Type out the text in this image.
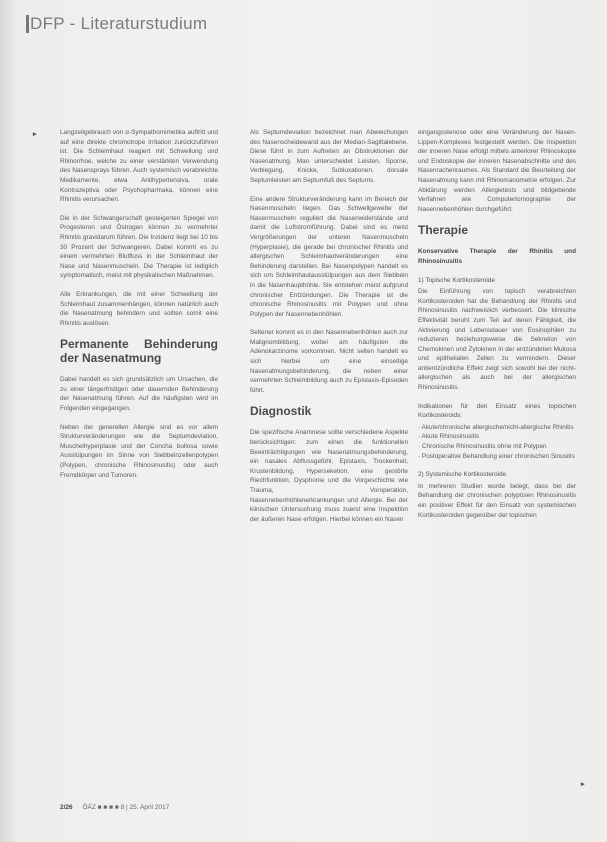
DFP - Literaturstudium
▸	Langzeitgebrauch von α-Sympathomimetika auftritt und auf eine direkte chromotrope Irritation zurückzuführen ist. Die Schleimhaut reagiert mit Schwellung und Rhinorrhoe, welche zu einer verstärkten Verwendung des Nasensprays führen. Auch systemisch verabreichte Medikamente, etwa Antihypertensiva, orale Kontrazeptiva oder Psychopharmaka, können eine Rhinitis verursachen.

Die in der Schwangerschaft gesteigerten Spiegel von Progesteron und Östrogen können zu vermehrter Rhinitis gravidarum führen. Die Inzidenz liegt bei 10 bis 30 Prozent der Schwangeren. Dabei kommt es zu einem vermehrten Blutfluss in der Schleimhaut der Nase und Nasenmuscheln. Die Therapie ist lediglich symptomatisch, meist mit physikalischen Maßnahmen.

Alle Erkrankungen, die mit einer Schwellung der Schleimhaut zusammenhängen, können natürlich auch die Nasenatmung behindern und sollten somit eine Rhinitis auslösen.

Permanente Behinderung der Nasenatmung

Dabei handelt es sich grundsätzlich um Ursachen, die zu einer längerfristigen oder dauernden Behinderung der Nasenatmung führen. Auf die häufigsten wird im Folgenden eingegangen.

Neben der generellen Allergie sind es vor allem Strukturveränderungen wie die Septumdeviation, Muschelhyperplasie und der Concha bullosa sowie Ausstülpungen im Sinne von Siebbeinzellenpolypen (Polypen, chronische Rhinosinusitis) oder auch Fremdkörper und Tumoren.

Als Septumdeviation bezeichnet man Abweichungen des Nasenscheidewand aus der Median-Sagittalebene. Diese führt in zum Auftreten an Obstruktionen der Nasenatmung. Man unterscheidet Leisten, Sporne, Verbiegung, Knicke, Subluxationen, dorsale Septumleisten am Septumfuß des Septums.

Eine andere Strukturveränderung kann im Bereich der Nasenmuscheln liegen. Das Schwellgewebe der Nasenmuscheln reguliert die Nasenwiderstände und damit die Luftstromführung. Dabei sind es meist Vergrößerungen der unteren Nasenmuscheln (Hyperplasie), die gerade bei chronischer Rhinitis und allergischen Schleimhautveränderungen eine Behinderung darstellen. Bei Nasenpolypen handelt es sich um Schleimhautausstülpungen aus dem Siebbein in die Nasenhaupthöhle. Sie entstehen meist aufgrund chronischer Entzündungen. Die Therapie ist die chronische Rhinosinusitis mit Polypen und ohne Polypen der Nasennebenhöhlen.

Seltener kommt es in den Nasennebenhöhlen auch zur Malignombildung, wobei am häufigsten die Adenokarzinome vorkommen. Nicht selten handelt es sich hierbei um eine einseitige Nasenatmungsbehinderung, die neben einer vermehrten Schleimbildung auch zu Epistaxis-Episoden führt.

Diagnostik

Die spezifische Anamnese sollte verschiedene Aspekte berücksichtigen: zum einen die funktionellen Beeinträchtigungen wie Nasenatmungsbehinderung, ein nasales Abflussgefühl, Epistaxis, Trockenheit, Krustenbildung, Hyperseketion, eine gestörte Riechfunktion, Dysphonie und die Vorgeschichte wie Trauma, Voroperation, Nasennebenhöhlenerkrankungen und Allergie. Bei der klinischen Untersuchung muss zuerst eine Inspektion der äußeren Nase erfolgen. Hierbei können ein Nasen

eingangsstenose oder eine Veränderung der Nasen-Lippen-Komplexes festgestellt werden. Die Inspektion der inneren Nase erfolgt mittels anteriorer Rhinoskopie und Endoskopie der inneren Nasenabschnitte und des Nasenrachenraumes. Als Standard die Beurteilung der Nasenatmung kann mit Rhinomanometrie erfolgen. Zur Abklärung werden Allergietests und bildgebende Verfahren wie Computertomographie der Nasennebenhöhlen durchgeführt.

Therapie
Konservative Therapie der Rhinitis und Rhinosinusitis
1) Topische Kortikosteroide

Die Einführung von topisch verabreichten Kortikosteroiden hat die Behandlung der Rhinitis und Rhinosinusitis nachweislich verbessert. Die klinische Effektivität beruht zum Teil auf deren Fähigkeit, die Aktivierung und Lebensdauer von Eosinophilen zu reduzieren beziehungsweise die Sekretion von Chemokinen und Zytokinen in der entzündeten Mukosa und epithelialen Zellen zu vermindern. Dieser antientzündliche Effekt zeigt sich sowohl bei der nicht-allergischen als auch bei der allergischen Rhinosinusitis.

Indikationen für den Einsatz eines topischen Kortikosteroids:
· Akute/chronische allergische/nicht-allergische Rhinitis
· Akute Rhinosinusitis
· Chronische Rhinosinusitis ohne mit Polypen
· Postoperative Behandlung einer chronischen Sinusitis
2) Systemische Kortikosteroide

In mehreren Studien wurde belegt, dass bei der Behandlung der chronischen polypösen Rhinosinusitis ein positiver Effekt für den Einsatz von systemischen Kortikosteroiden gegenüber der topischen

▸
2/26 ÖÄZ ■ ■ ■ ■ 8 | 25. April 2017
